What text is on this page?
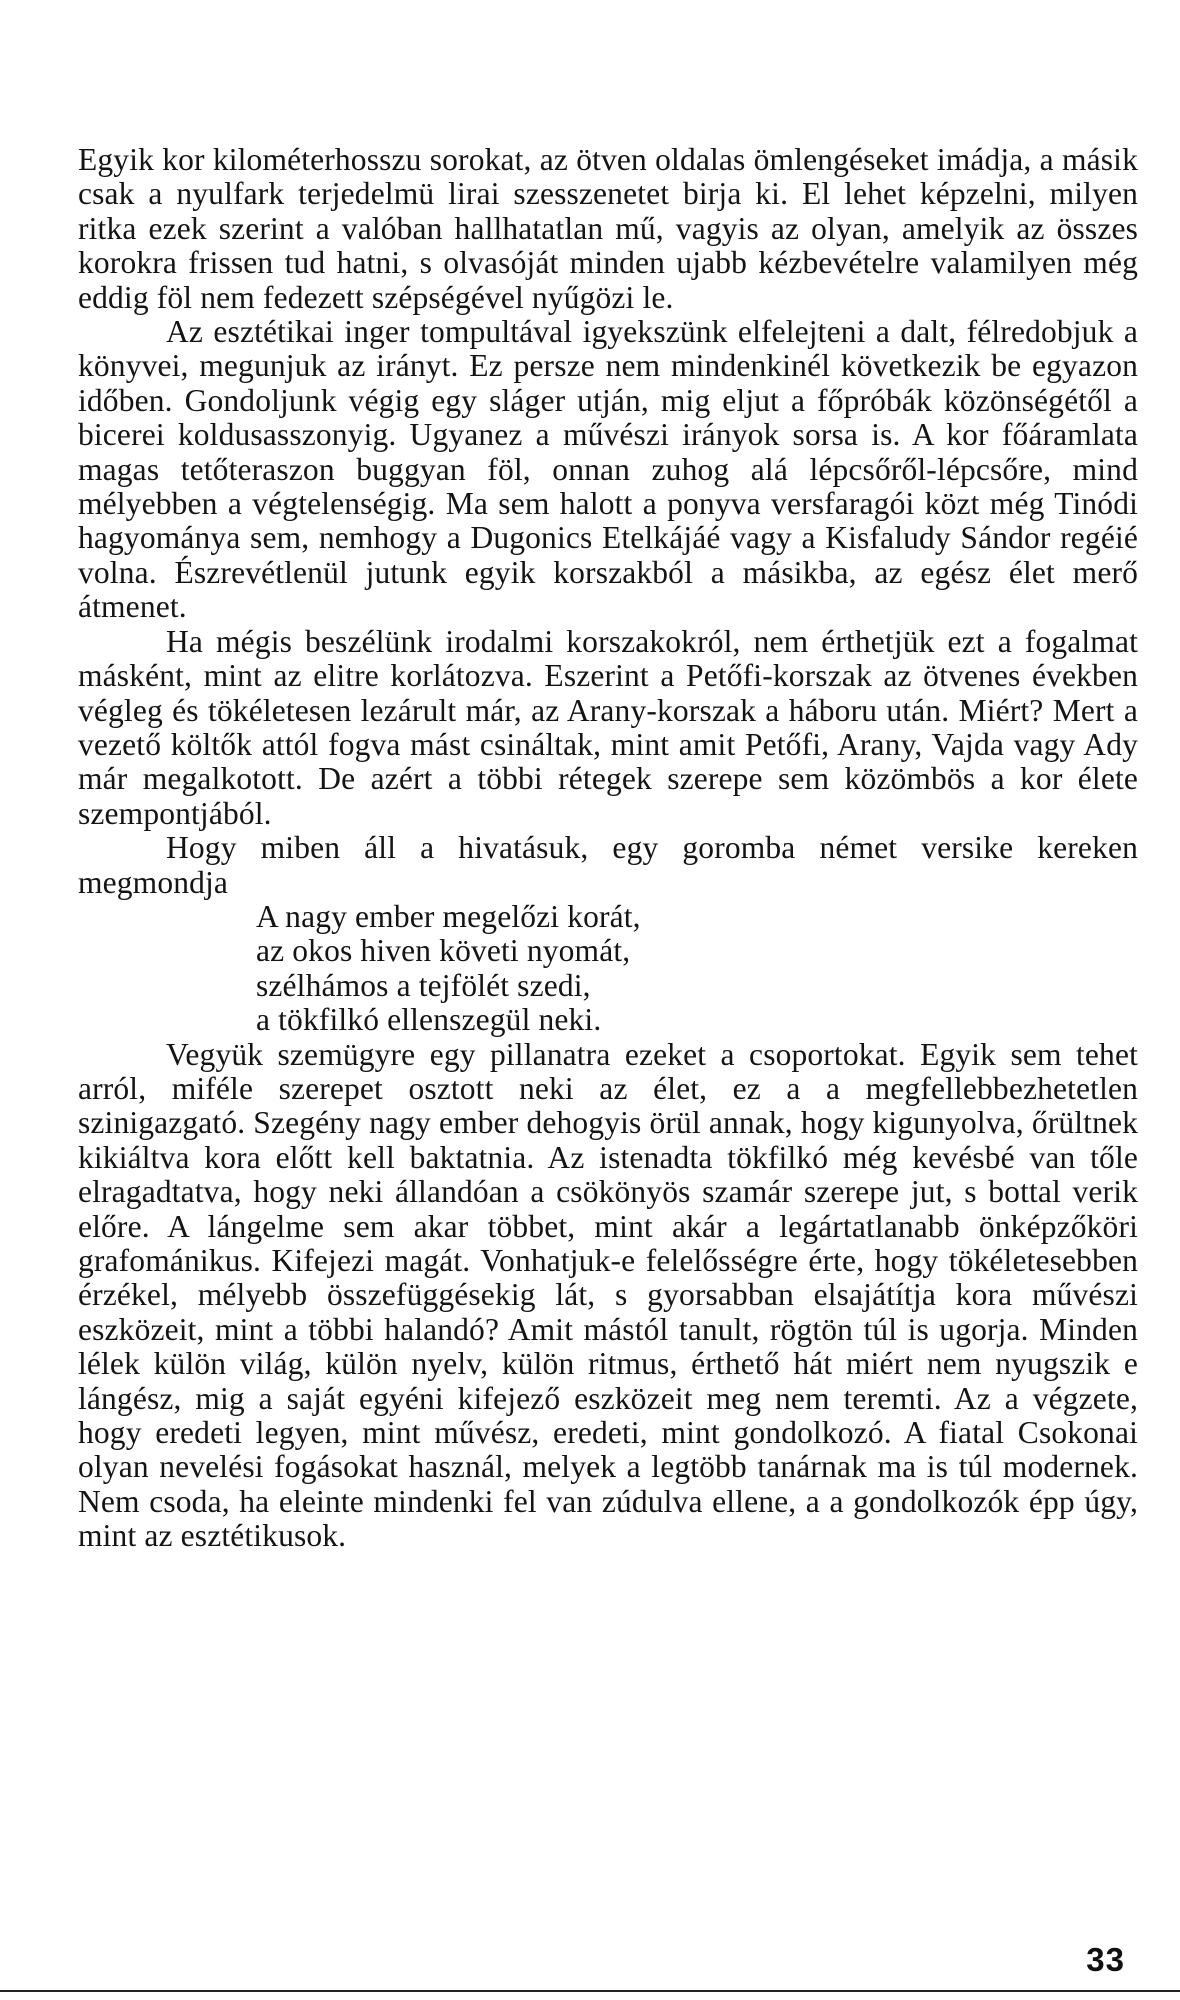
Egyik kor kilométerhosszu sorokat, az ötven oldalas ömlengéseket imádja, a másik csak a nyulfark terjedelmü lirai szesszenetet birja ki. El lehet képzelni, milyen ritka ezek szerint a valóban hallhatatlan mű, vagyis az olyan, amelyik az összes korokra frissen tud hatni, s olvasóját minden ujabb kézbevételre valamilyen még eddig föl nem fedezett szépségével nyűgözi le.

Az esztétikai inger tompultával igyekszünk elfelejteni a dalt, félredobjuk a könyvei, megunjuk az irányt. Ez persze nem mindenkinél következik be egyazon időben. Gondoljunk végig egy sláger utján, mig eljut a főpróbák közönségétől a bicerei koldusasszonyig. Ugyanez a művészi irányok sorsa is. A kor főáramlata magas tetőteraszon buggyan föl, onnan zuhog alá lépcsőről-lépcsőre, mind mélyebben a végtelenségig. Ma sem halott a ponyva versfaragói közt még Tinódi hagyománya sem, nemhogy a Dugonics Etelkájáé vagy a Kisfaludy Sándor regéié volna. Észrevétlenül jutunk egyik korszakból a másikba, az egész élet merő átmenet.

Ha mégis beszélünk irodalmi korszakokról, nem érthetjük ezt a fogalmat másként, mint az elitre korlátozva. Eszerint a Petőfi-korszak az ötvenes években végleg és tökéletesen lezárult már, az Arany-korszak a háboru után. Miért? Mert a vezető költők attól fogva mást csináltak, mint amit Petőfi, Arany, Vajda vagy Ady már megalkotott. De azért a többi rétegek szerepe sem közömbös a kor élete szempontjából.

Hogy miben áll a hivatásuk, egy goromba német versike kereken megmondja

A nagy ember megelőzi korát,
az okos hiven követi nyomát,
szélhámos a tejfölét szedi,
a tökfilkó ellenszegül neki.

Vegyük szemügyre egy pillanatra ezeket a csoportokat. Egyik sem tehet arról, miféle szerepet osztott neki az élet, ez a a megfellebbezhetetlen szinigazgató. Szegény nagy ember dehogyis örül annak, hogy kigunyolva, őrültnek kikiáltva kora előtt kell baktatnia. Az istenadta tökfilkó még kevésbé van tőle elragadtatva, hogy neki állandóan a csökönyös szamár szerepe jut, s bottal verik előre. A lángelme sem akar többet, mint akár a legártatlanabb önképzőköri grafománikus. Kifejezi magát. Vonhatjuk-e felelősségre érte, hogy tökéletesebben érzékel, mélyebb összefüggésekig lát, s gyorsabban elsajátítja kora művészi eszközeit, mint a többi halandó? Amit mástól tanult, rögtön túl is ugorja. Minden lélek külön világ, külön nyelv, külön ritmus, érthető hát miért nem nyugszik e lángész, mig a saját egyéni kifejező eszközeit meg nem teremti. Az a végzete, hogy eredeti legyen, mint művész, eredeti, mint gondolkozó. A fiatal Csokonai olyan nevelési fogásokat használ, melyek a legtöbb tanárnak ma is túl modernek. Nem csoda, ha eleinte mindenki fel van zúdulva ellene, a a gondolkozók épp úgy, mint az esztétikusok.

33
